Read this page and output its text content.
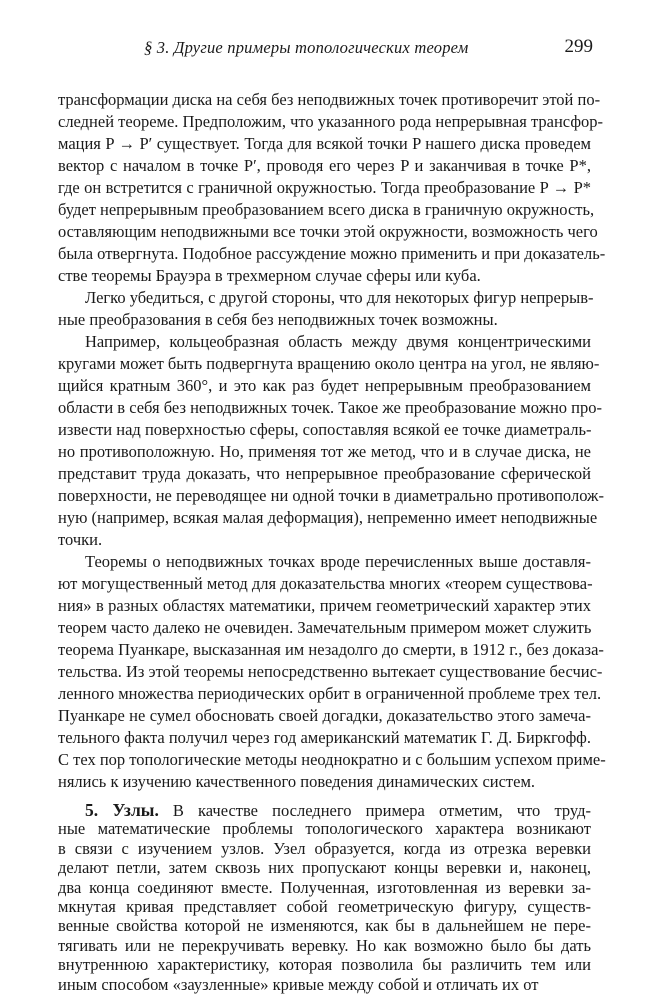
§ 3. Другие примеры топологических теорем	299
трансформации диска на себя без неподвижных точек противоречит этой по-
следней теореме. Предположим, что указанного рода непрерывная трансфор-
мация P → P′ существует. Тогда для всякой точки P нашего диска проведем
вектор с началом в точке P′, проводя его через P и заканчивая в точке P*,
где он встретится с граничной окружностью. Тогда преобразование P → P*
будет непрерывным преобразованием всего диска в граничную окружность,
оставляющим неподвижными все точки этой окружности, возможность чего
была отвергнута. Подобное рассуждение можно применить и при доказатель-
стве теоремы Брауэра в трехмерном случае сферы или куба.
Легко убедиться, с другой стороны, что для некоторых фигур непрерыв-
ные преобразования в себя без неподвижных точек возможны.
Например, кольцеобразная область между двумя концентрическими
кругами может быть подвергнута вращению около центра на угол, не являю-
щийся кратным 360°, и это как раз будет непрерывным преобразованием
области в себя без неподвижных точек. Такое же преобразование можно про-
извести над поверхностью сферы, сопоставляя всякой ее точке диаметраль-
но противоположную. Но, применяя тот же метод, что и в случае диска, не
представит труда доказать, что непрерывное преобразование сферической
поверхности, не переводящее ни одной точки в диаметрально противополож-
ную (например, всякая малая деформация), непременно имеет неподвижные
точки.
Теоремы о неподвижных точках вроде перечисленных выше доставля-
ют могущественный метод для доказательства многих «теорем существова-
ния» в разных областях математики, причем геометрический характер этих
теорем часто далеко не очевиден. Замечательным примером может служить
теорема Пуанкаре, высказанная им незадолго до смерти, в 1912 г., без доказа-
тельства. Из этой теоремы непосредственно вытекает существование бесчис-
ленного множества периодических орбит в ограниченной проблеме трех тел.
Пуанкаре не сумел обосновать своей догадки, доказательство этого замеча-
тельного факта получил через год американский математик Г. Д. Биркгофф.
С тех пор топологические методы неоднократно и с большим успехом приме-
нялись к изучению качественного поведения динамических систем.
5. Узлы. В качестве последнего примера отметим, что труд-
ные математические проблемы топологического характера возникают
в связи с изучением узлов. Узел образуется, когда из отрезка веревки
делают петли, затем сквозь них пропускают концы веревки и, наконец,
два конца соединяют вместе. Полученная, изготовленная из веревки за-
мкнутая кривая представляет собой геометрическую фигуру, существ-
венные свойства которой не изменяются, как бы в дальнейшем не пере-
тягивать или не перекручивать веревку. Но как возможно было бы дать
внутреннюю характеристику, которая позволила бы различить тем или
иным способом «заузленные» кривые между собой и отличать их от
